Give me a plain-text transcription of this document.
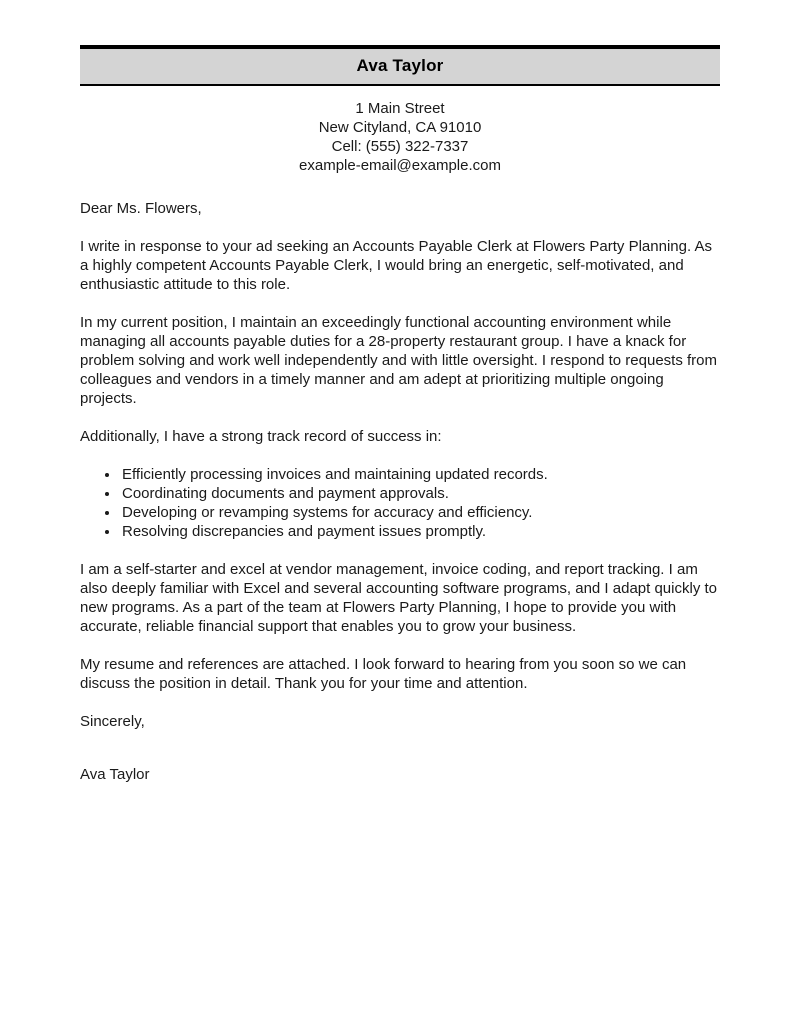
Ava Taylor
1 Main Street
New Cityland, CA 91010
Cell: (555) 322-7337
example-email@example.com

Dear Ms. Flowers,

I write in response to your ad seeking an Accounts Payable Clerk at Flowers Party Planning. As a highly competent Accounts Payable Clerk, I would bring an energetic, self-motivated, and enthusiastic attitude to this role.

In my current position, I maintain an exceedingly functional accounting environment while managing all accounts payable duties for a 28-property restaurant group. I have a knack for problem solving and work well independently and with little oversight. I respond to requests from colleagues and vendors in a timely manner and am adept at prioritizing multiple ongoing projects.

Additionally, I have a strong track record of success in:

• Efficiently processing invoices and maintaining updated records.
• Coordinating documents and payment approvals.
• Developing or revamping systems for accuracy and efficiency.
• Resolving discrepancies and payment issues promptly.

I am a self-starter and excel at vendor management, invoice coding, and report tracking. I am also deeply familiar with Excel and several accounting software programs, and I adapt quickly to new programs. As a part of the team at Flowers Party Planning, I hope to provide you with accurate, reliable financial support that enables you to grow your business.

My resume and references are attached. I look forward to hearing from you soon so we can discuss the position in detail. Thank you for your time and attention.

Sincerely,

Ava Taylor
